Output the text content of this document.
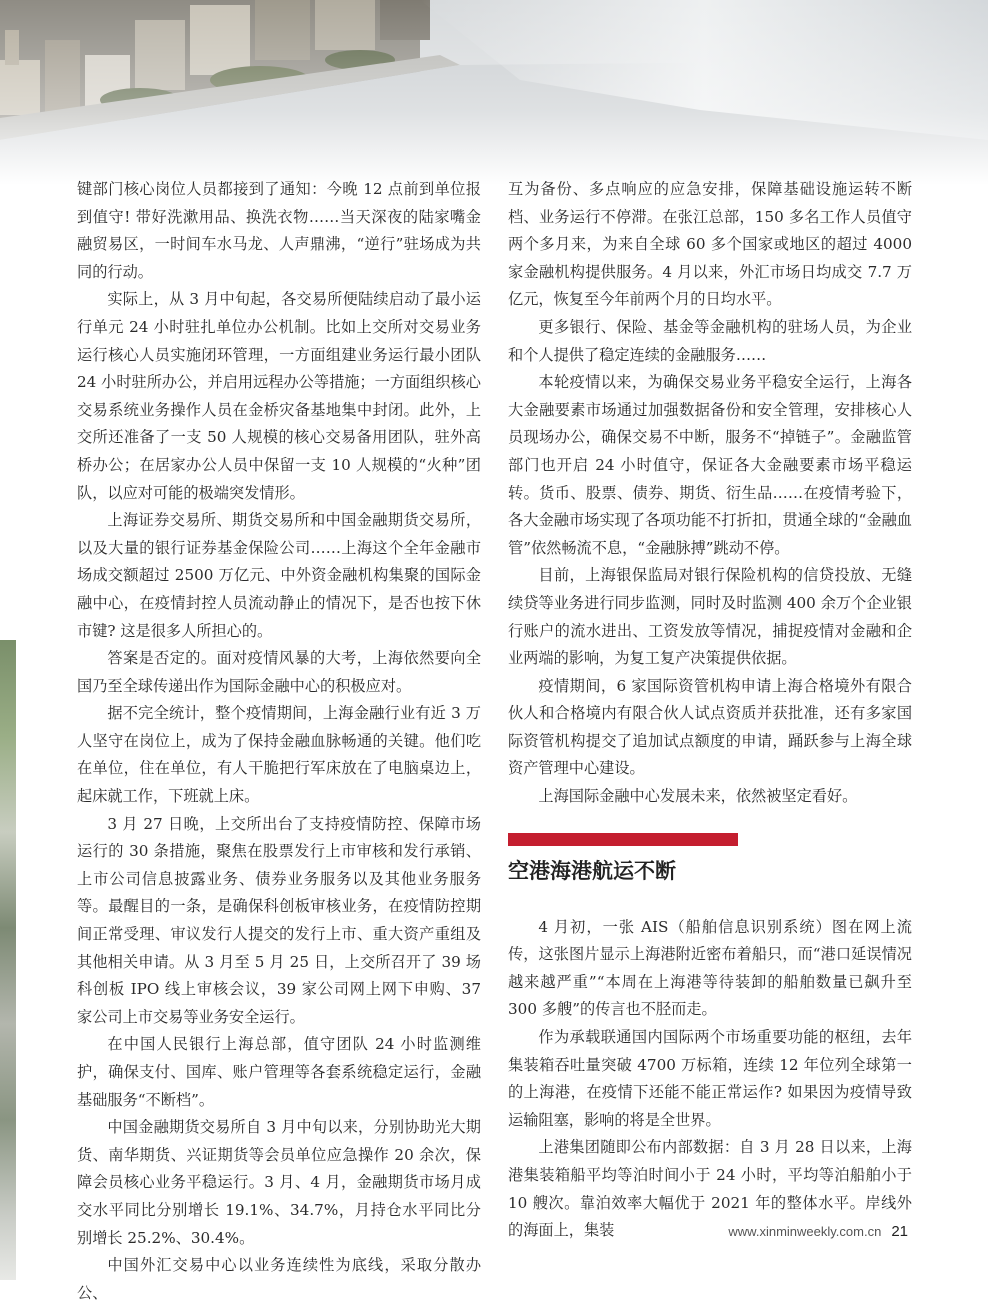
键部门核心岗位人员都接到了通知：今晚 12 点前到单位报到值守! 带好洗漱用品、换洗衣物……当天深夜的陆家嘴金融贸易区，一时间车水马龙、人声鼎沸，“逆行”驻场成为共同的行动。

实际上，从 3 月中旬起，各交易所便陆续启动了最小运行单元 24 小时驻扎单位办公机制。比如上交所对交易业务运行核心人员实施闭环管理，一方面组建业务运行最小团队 24 小时驻所办公，并启用远程办公等措施；一方面组织核心交易系统业务操作人员在金桥灾备基地集中封闭。此外，上交所还准备了一支 50 人规模的核心交易备用团队，驻外高桥办公；在居家办公人员中保留一支 10 人规模的“火种”团队，以应对可能的极端突发情形。

上海证券交易所、期货交易所和中国金融期货交易所，以及大量的银行证券基金保险公司……上海这个全年金融市场成交额超过 2500 万亿元、中外资金融机构集聚的国际金融中心，在疫情封控人员流动静止的情况下，是否也按下休市键? 这是很多人所担心的。

答案是否定的。面对疫情风暴的大考，上海依然要向全国乃至全球传递出作为国际金融中心的积极应对。

据不完全统计，整个疫情期间，上海金融行业有近 3 万人坚守在岗位上，成为了保持金融血脉畅通的关键。他们吃在单位，住在单位，有人干脆把行军床放在了电脑桌边上，起床就工作，下班就上床。

3 月 27 日晚，上交所出台了支持疫情防控、保障市场运行的 30 条措施，聚焦在股票发行上市审核和发行承销、上市公司信息披露业务、债券业务服务以及其他业务服务等。最醒目的一条，是确保科创板审核业务，在疫情防控期间正常受理、审议发行人提交的发行上市、重大资产重组及其他相关申请。从 3 月至 5 月 25 日，上交所召开了 39 场科创板 IPO 线上审核会议，39 家公司网上网下申购、37 家公司上市交易等业务安全运行。

在中国人民银行上海总部，值守团队 24 小时监测维护，确保支付、国库、账户管理等各套系统稳定运行，金融基础服务“不断档”。

中国金融期货交易所自 3 月中旬以来，分别协助光大期货、南华期货、兴证期货等会员单位应急操作 20 余次，保障会员核心业务平稳运行。3 月、4 月，金融期货市场月成交水平同比分别增长 19.1%、34.7%，月持仓水平同比分别增长 25.2%、30.4%。

中国外汇交易中心以业务连续性为底线，采取分散办公、

互为备份、多点响应的应急安排，保障基础设施运转不断档、业务运行不停滞。在张江总部，150 多名工作人员值守两个多月来，为来自全球 60 多个国家或地区的超过 4000 家金融机构提供服务。4 月以来，外汇市场日均成交 7.7 万亿元，恢复至今年前两个月的日均水平。

更多银行、保险、基金等金融机构的驻场人员，为企业和个人提供了稳定连续的金融服务……

本轮疫情以来，为确保交易业务平稳安全运行，上海各大金融要素市场通过加强数据备份和安全管理，安排核心人员现场办公，确保交易不中断，服务不“掉链子”。金融监管部门也开启 24 小时值守，保证各大金融要素市场平稳运转。货币、股票、债券、期货、衍生品……在疫情考验下，各大金融市场实现了各项功能不打折扣，贯通全球的“金融血管”依然畅流不息，“金融脉搏”跳动不停。

目前，上海银保监局对银行保险机构的信贷投放、无缝续贷等业务进行同步监测，同时及时监测 400 余万个企业银行账户的流水进出、工资发放等情况，捕捉疫情对金融和企业两端的影响，为复工复产决策提供依据。

疫情期间，6 家国际资管机构申请上海合格境外有限合伙人和合格境内有限合伙人试点资质并获批准，还有多家国际资管机构提交了追加试点额度的申请，踊跃参与上海全球资产管理中心建设。

上海国际金融中心发展未来，依然被坚定看好。

空港海港航运不断

4 月初，一张 AIS（船舶信息识别系统）图在网上流传，这张图片显示上海港附近密布着船只，而“港口延误情况越来越严重”“本周在上海港等待装卸的船舶数量已飙升至 300 多艘”的传言也不胫而走。

作为承载联通国内国际两个市场重要功能的枢纽，去年集装箱吞吐量突破 4700 万标箱，连续 12 年位列全球第一的上海港，在疫情下还能不能正常运作? 如果因为疫情导致运输阻塞，影响的将是全世界。

上港集团随即公布内部数据：自 3 月 28 日以来，上海港集装箱船平均等泊时间小于 24 小时，平均等泊船舶小于 10 艘次。靠泊效率大幅优于 2021 年的整体水平。岸线外的海面上，集装	www.xinminweekly.com.cn 21
